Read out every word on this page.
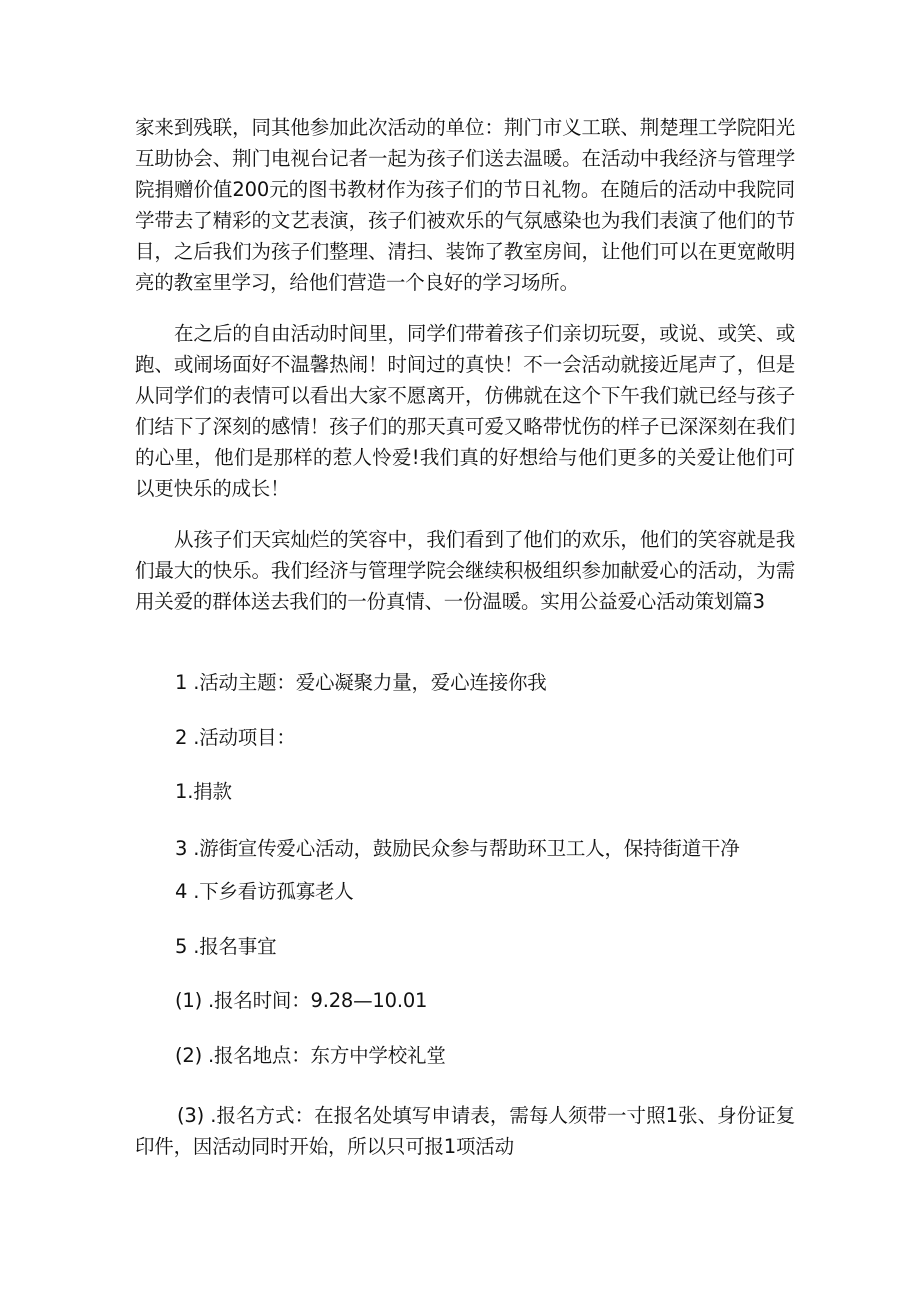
家来到残联，同其他参加此次活动的单位：荆门市义工联、荆楚理工学院阳光互助协会、荆门电视台记者一起为孩子们送去温暖。在活动中我经济与管理学院捐赠价值200元的图书教材作为孩子们的节日礼物。在随后的活动中我院同学带去了精彩的文艺表演，孩子们被欢乐的气氛感染也为我们表演了他们的节目，之后我们为孩子们整理、清扫、装饰了教室房间，让他们可以在更宽敞明亮的教室里学习，给他们营造一个良好的学习场所。

在之后的自由活动时间里，同学们带着孩子们亲切玩耍，或说、或笑、或跑、或闹场面好不温馨热闹！时间过的真快！不一会活动就接近尾声了，但是从同学们的表情可以看出大家不愿离开，仿佛就在这个下午我们就已经与孩子们结下了深刻的感情！孩子们的那天真可爱又略带忧伤的样子已深深刻在我们的心里，他们是那样的惹人怜爱!我们真的好想给与他们更多的关爱让他们可以更快乐的成长！

从孩子们天宾灿烂的笑容中，我们看到了他们的欢乐，他们的笑容就是我们最大的快乐。我们经济与管理学院会继续积极组织参加献爱心的活动，为需用关爱的群体送去我们的一份真情、一份温暖。实用公益爱心活动策划篇3

1 .活动主题：爱心凝聚力量，爱心连接你我

2 .活动项目：

1.捐款

3 .游街宣传爱心活动，鼓励民众参与帮助环卫工人，保持街道干净

4 .下乡看访孤寡老人

5 .报名事宜

(1) .报名时间：9.28—10.01

(2) .报名地点：东方中学校礼堂

(3) .报名方式：在报名处填写申请表，需每人须带一寸照1张、身份证复印件，因活动同时开始，所以只可报1项活动
